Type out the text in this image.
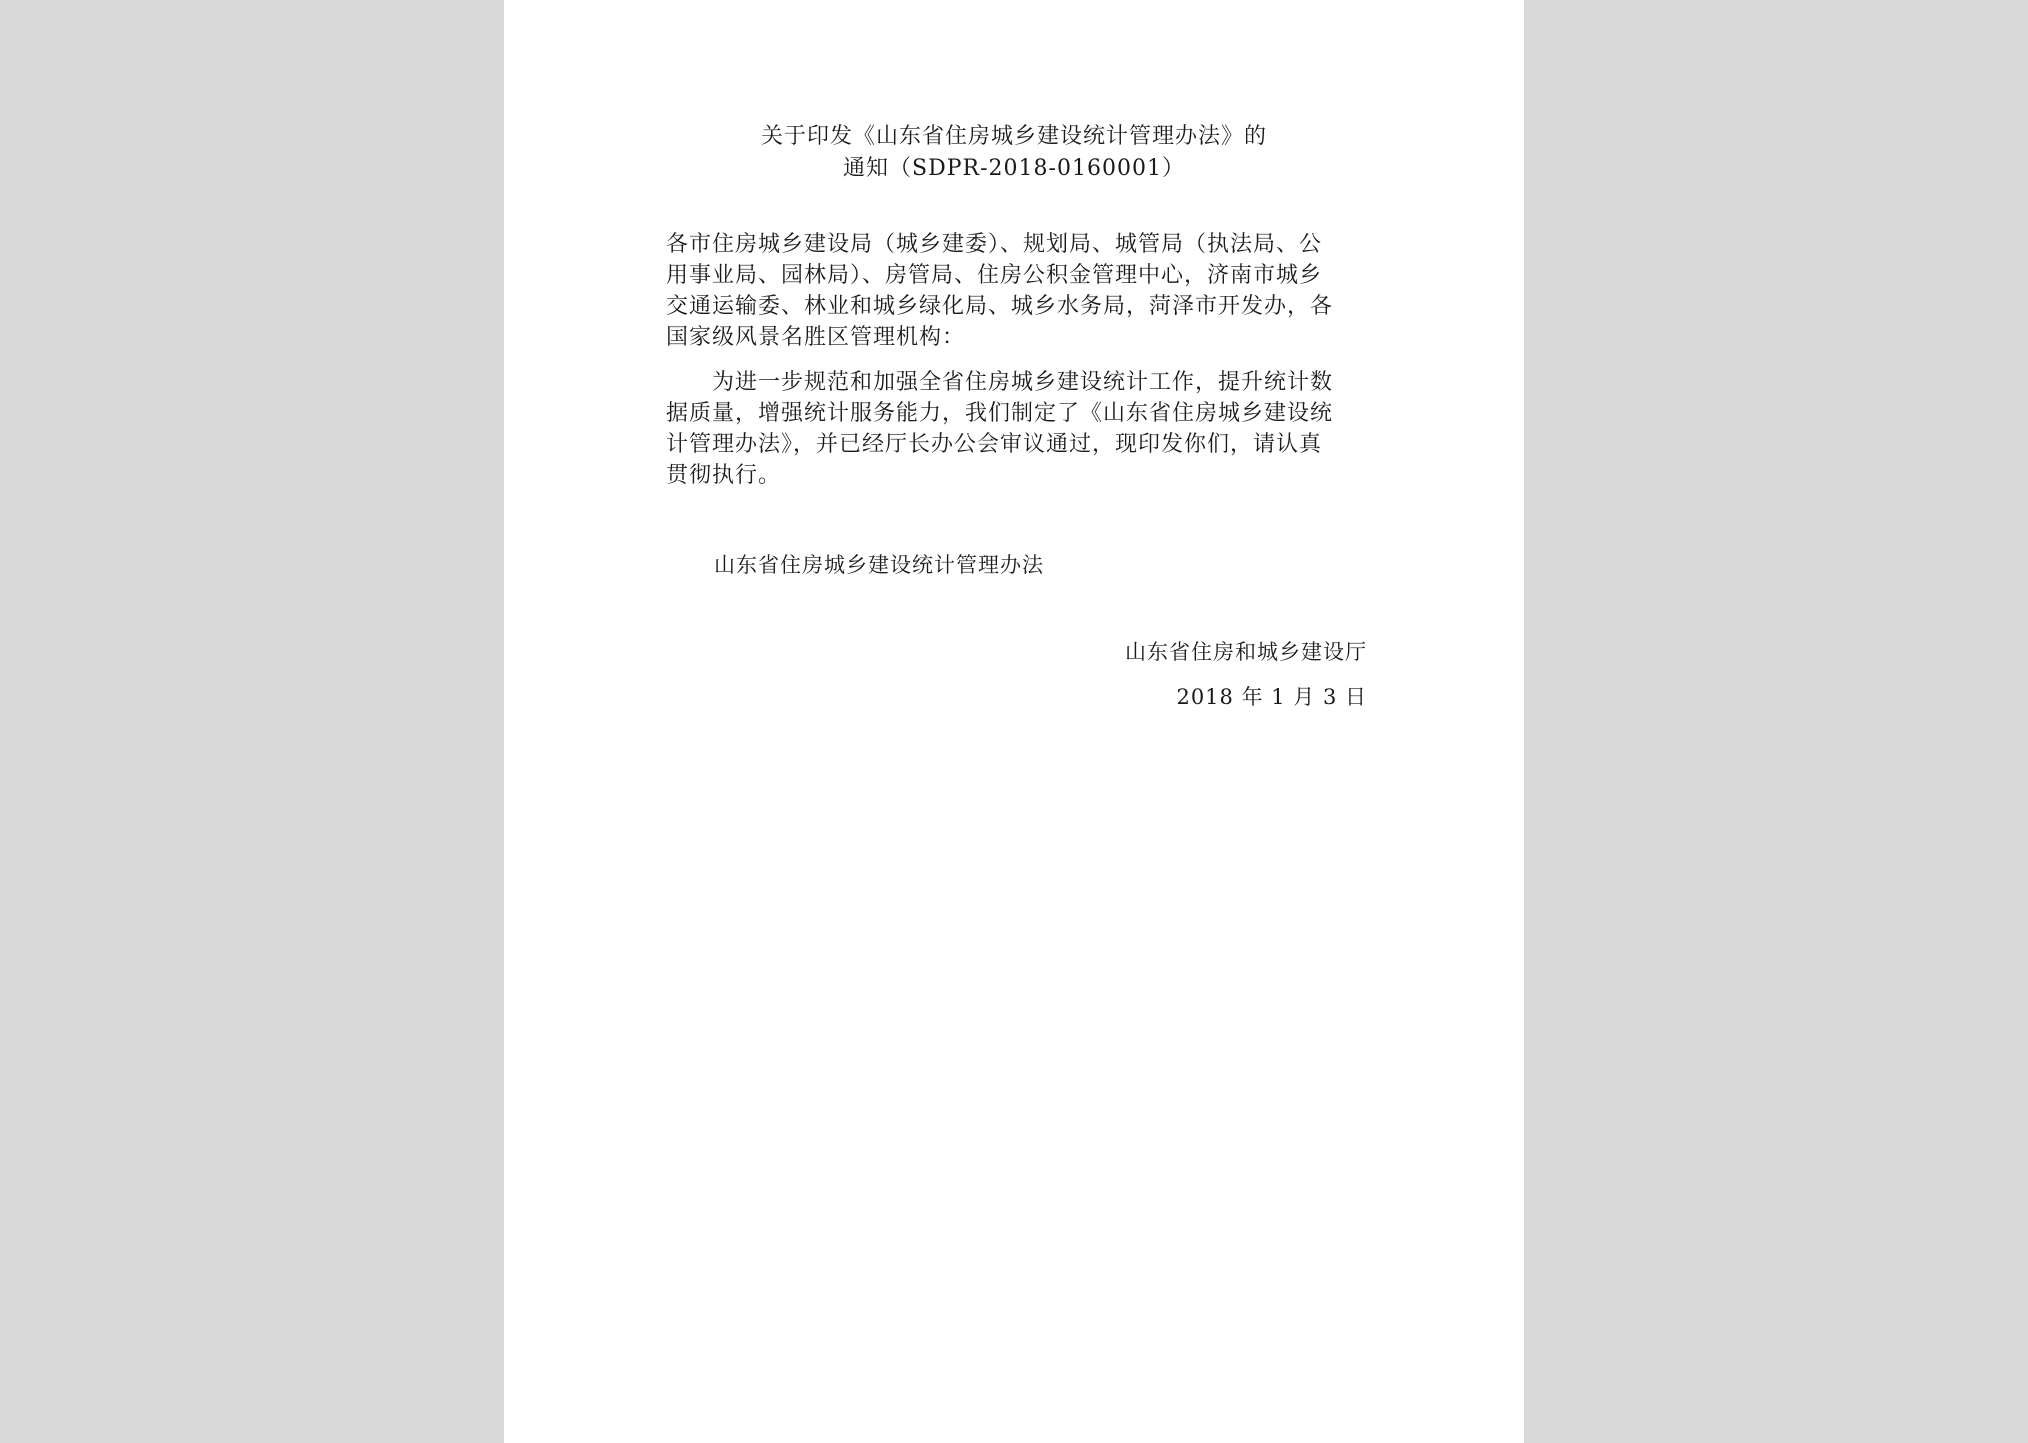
关于印发《山东省住房城乡建设统计管理办法》的
通知（SDPR-2018-0160001）
各市住房城乡建设局（城乡建委）、规划局、城管局（执法局、公
用事业局、园林局）、房管局、住房公积金管理中心，济南市城乡
交通运输委、林业和城乡绿化局、城乡水务局，菏泽市开发办，各
国家级风景名胜区管理机构：
　　为进一步规范和加强全省住房城乡建设统计工作，提升统计数
据质量，增强统计服务能力，我们制定了《山东省住房城乡建设统
计管理办法》，并已经厅长办公会审议通过，现印发你们，请认真
贯彻执行。
山东省住房城乡建设统计管理办法
山东省住房和城乡建设厅
2018 年 1 月 3 日
